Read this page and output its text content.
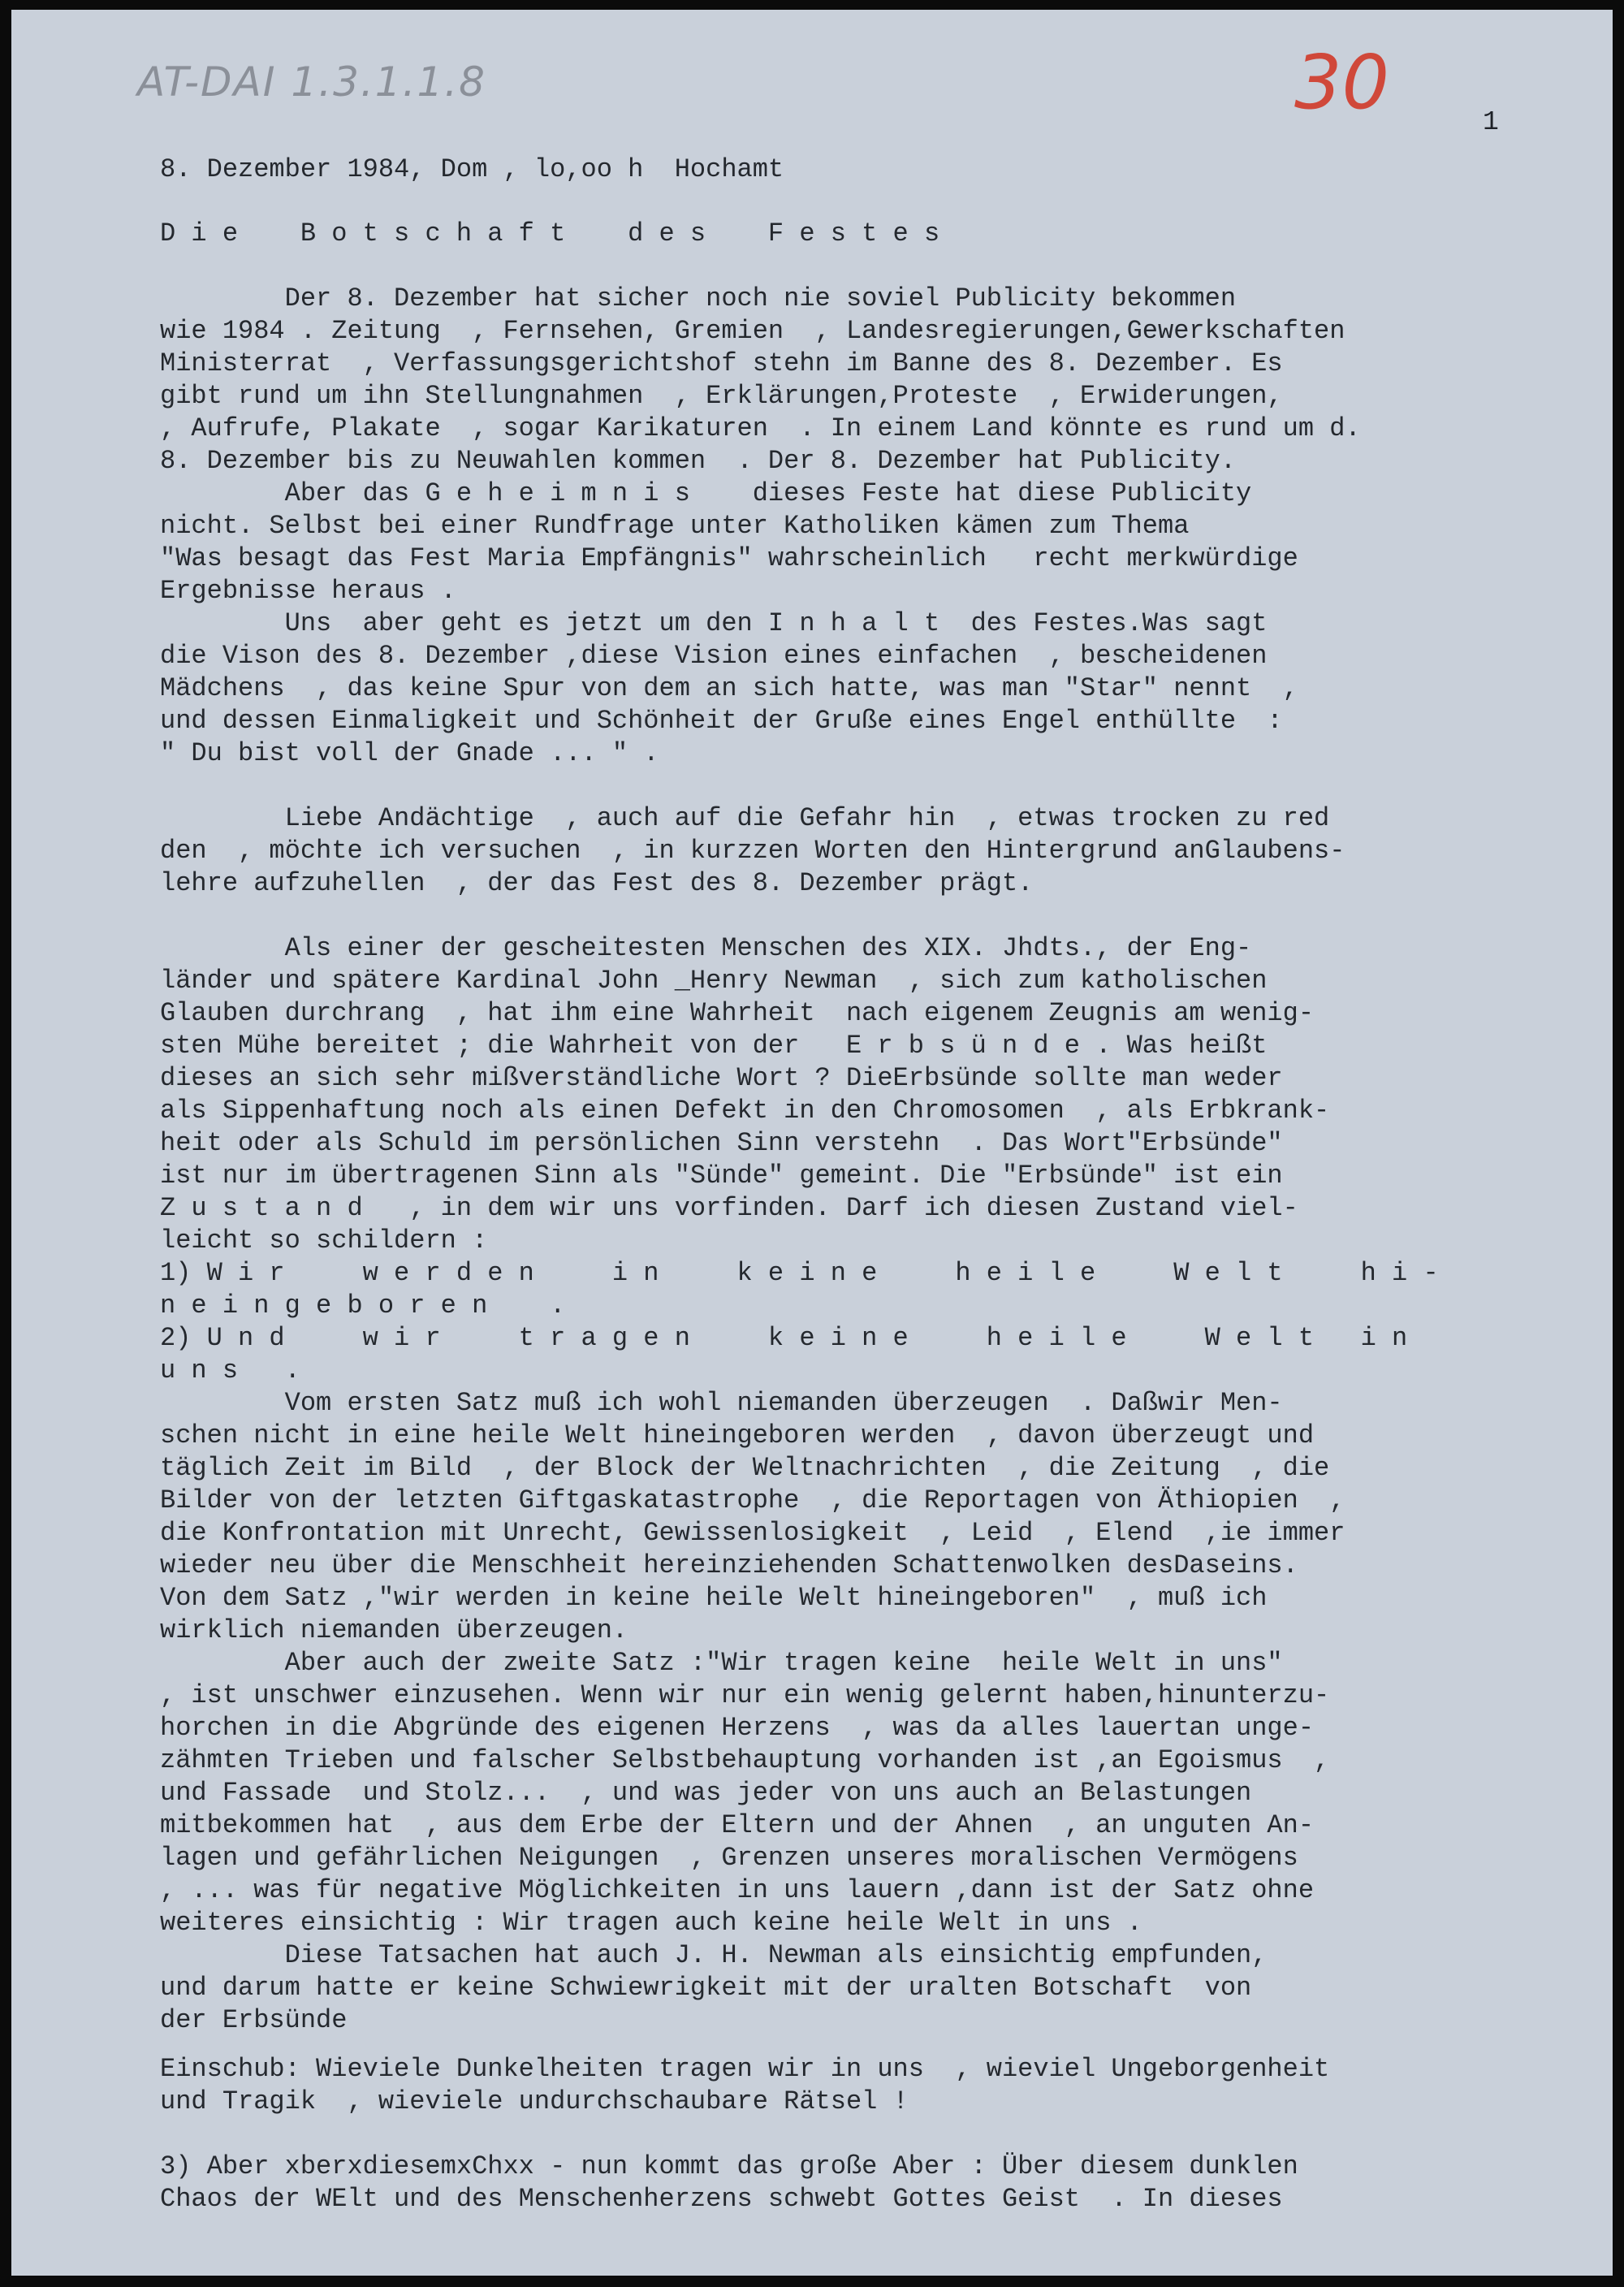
AT-DAI 1.3.1.1.8	30	1

8. Dezember 1984, Dom , lo,oo h  Hochamt

D i e    B o t s c h a f t    d e s    F e s t e s

Der 8. Dezember hat sicher noch nie soviel Publicity bekommen

wie 1984 . Zeitung  , Fernsehen, Gremien  , Landesregierungen,Gewerkschaften

Ministerrat  , Verfassungsgerichtshof stehn im Banne des 8. Dezember. Es

gibt rund um ihn Stellungnahmen  , Erklärungen,Proteste  , Erwiderungen,

, Aufrufe, Plakate  , sogar Karikaturen  . In einem Land könnte es rund um d.

8. Dezember bis zu Neuwahlen kommen  . Der 8. Dezember hat Publicity.

Aber das G e h e i m n i s    dieses Feste hat diese Publicity

nicht. Selbst bei einer Rundfrage unter Katholiken kämen zum Thema

"Was besagt das Fest Maria Empfängnis" wahrscheinlich   recht merkwürdige

Ergebnisse heraus .

Uns  aber geht es jetzt um den I n h a l t  des Festes.Was sagt

die Vison des 8. Dezember ,diese Vision eines einfachen  , bescheidenen

Mädchens  , das keine Spur von dem an sich hatte, was man "Star" nennt  ,

und dessen Einmaligkeit und Schönheit der Gruße eines Engel enthüllte  :

" Du bist voll der Gnade ... " .

Liebe Andächtige  , auch auf die Gefahr hin  , etwas trocken zu red

den  , möchte ich versuchen  , in kurzzen Worten den Hintergrund anGlaubens-

lehre aufzuhellen  , der das Fest des 8. Dezember prägt.

Als einer der gescheitesten Menschen des XIX. Jhdts., der Eng-

länder und spätere Kardinal John _Henry Newman  , sich zum katholischen

Glauben durchrang  , hat ihm eine Wahrheit  nach eigenem Zeugnis am wenig-

sten Mühe bereitet ; die Wahrheit von der   E r b s ü n d e . Was heißt

dieses an sich sehr mißverständliche Wort ? DieErbsünde sollte man weder

als Sippenhaftung noch als einen Defekt in den Chromosomen  , als Erbkrank-

heit oder als Schuld im persönlichen Sinn verstehn  . Das Wort"Erbsünde"

ist nur im übertragenen Sinn als "Sünde" gemeint. Die "Erbsünde" ist ein

Z u s t a n d   , in dem wir uns vorfinden. Darf ich diesen Zustand viel-

leicht so schildern :

1) W i r     w e r d e n     i n     k e i n e     h e i l e     W e l t     h i -

n e i n g e b o r e n    .

2) U n d     w i r     t r a g e n     k e i n e     h e i l e     W e l t   i n

u n s   .

Vom ersten Satz muß ich wohl niemanden überzeugen  . Daßwir Men-

schen nicht in eine heile Welt hineingeboren werden  , davon überzeugt und

täglich Zeit im Bild  , der Block der Weltnachrichten  , die Zeitung  , die

Bilder von der letzten Giftgaskatastrophe  , die Reportagen von Äthiopien  ,

die Konfrontation mit Unrecht, Gewissenlosigkeit  , Leid  , Elend  ,ie immer

wieder neu über die Menschheit hereinziehenden Schattenwolken desDaseins.

Von dem Satz ,"wir werden in keine heile Welt hineingeboren"  , muß ich

wirklich niemanden überzeugen.

Aber auch der zweite Satz :"Wir tragen keine  heile Welt in uns"

, ist unschwer einzusehen. Wenn wir nur ein wenig gelernt haben,hinunterzu-

horchen in die Abgründe des eigenen Herzens  , was da alles lauertan unge-

zähmten Trieben und falscher Selbstbehauptung vorhanden ist ,an Egoismus  ,

und Fassade  und Stolz...  , und was jeder von uns auch an Belastungen

mitbekommen hat  , aus dem Erbe der Eltern und der Ahnen  , an unguten An-

lagen und gefährlichen Neigungen  , Grenzen unseres moralischen Vermögens

, ... was für negative Möglichkeiten in uns lauern ,dann ist der Satz ohne

weiteres einsichtig : Wir tragen auch keine heile Welt in uns .

Diese Tatsachen hat auch J. H. Newman als einsichtig empfunden,

und darum hatte er keine Schwiewrigkeit mit der uralten Botschaft  von

der Erbsünde

Einschub: Wieviele Dunkelheiten tragen wir in uns  , wieviel Ungeborgenheit

und Tragik  , wieviele undurchschaubare Rätsel !

3) Aber xberxdiesemxChxx - nun kommt das große Aber : Über diesem dunklen

Chaos der WElt und des Menschenherzens schwebt Gottes Geist  . In dieses
